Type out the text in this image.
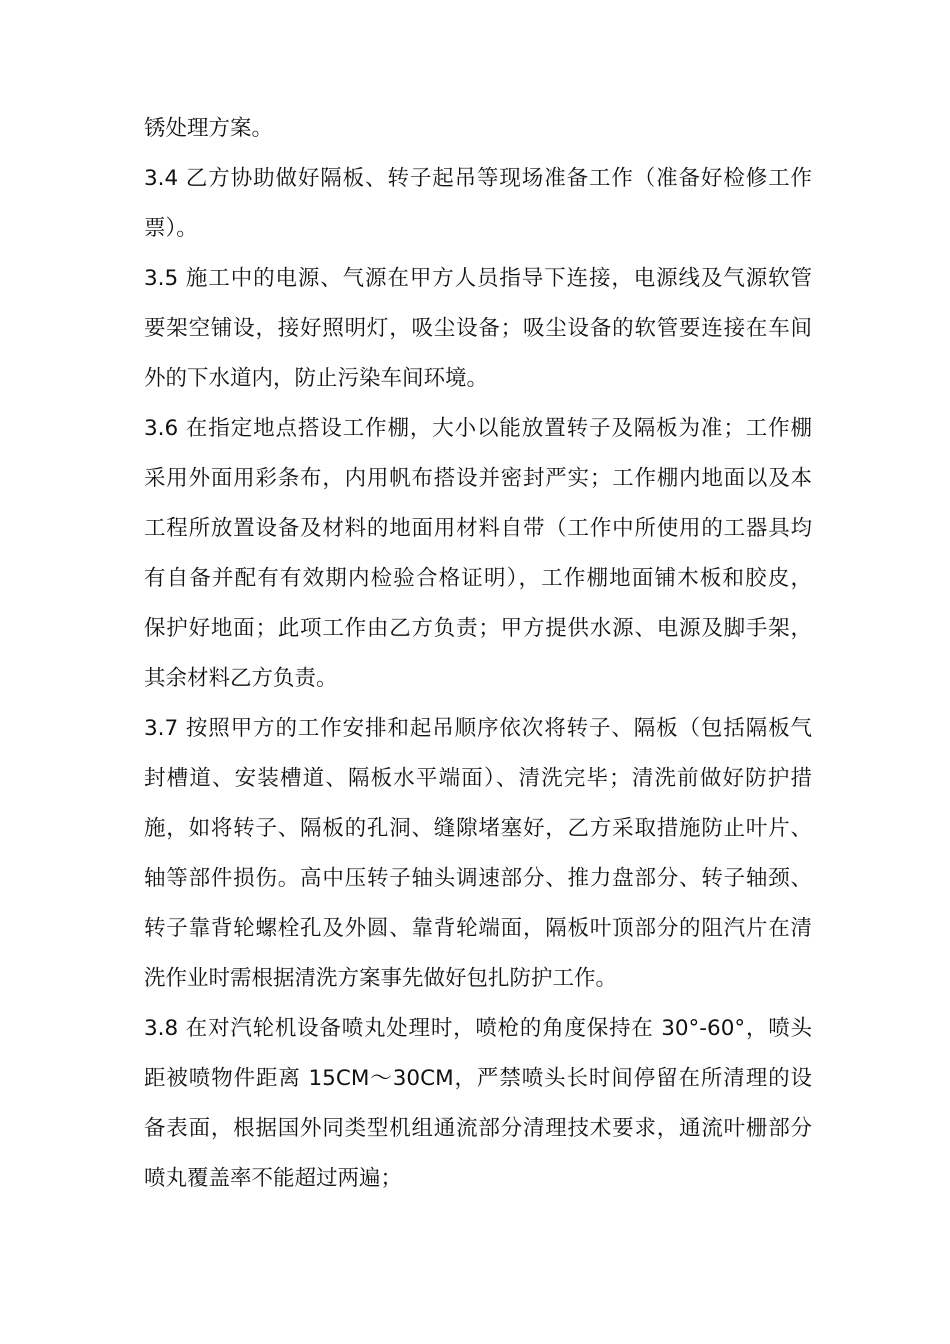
锈处理方案。
3.4 乙方协助做好隔板、转子起吊等现场准备工作（准备好检修工作
票）。
3.5 施工中的电源、气源在甲方人员指导下连接，电源线及气源软管
要架空铺设，接好照明灯，吸尘设备；吸尘设备的软管要连接在车间
外的下水道内，防止污染车间环境。
3.6 在指定地点搭设工作棚，大小以能放置转子及隔板为准；工作棚
采用外面用彩条布，内用帆布搭设并密封严实；工作棚内地面以及本
工程所放置设备及材料的地面用材料自带（工作中所使用的工器具均
有自备并配有有效期内检验合格证明），工作棚地面铺木板和胶皮，
保护好地面；此项工作由乙方负责；甲方提供水源、电源及脚手架，
其余材料乙方负责。
3.7 按照甲方的工作安排和起吊顺序依次将转子、隔板（包括隔板气
封槽道、安装槽道、隔板水平端面）、清洗完毕；清洗前做好防护措
施，如将转子、隔板的孔洞、缝隙堵塞好，乙方采取措施防止叶片、
轴等部件损伤。高中压转子轴头调速部分、推力盘部分、转子轴颈、
转子靠背轮螺栓孔及外圆、靠背轮端面，隔板叶顶部分的阻汽片在清
洗作业时需根据清洗方案事先做好包扎防护工作。
3.8 在对汽轮机设备喷丸处理时，喷枪的角度保持在 30°-60°，喷头
距被喷物件距离 15CM～30CM，严禁喷头长时间停留在所清理的设
备表面，根据国外同类型机组通流部分清理技术要求，通流叶栅部分
喷丸覆盖率不能超过两遍；
